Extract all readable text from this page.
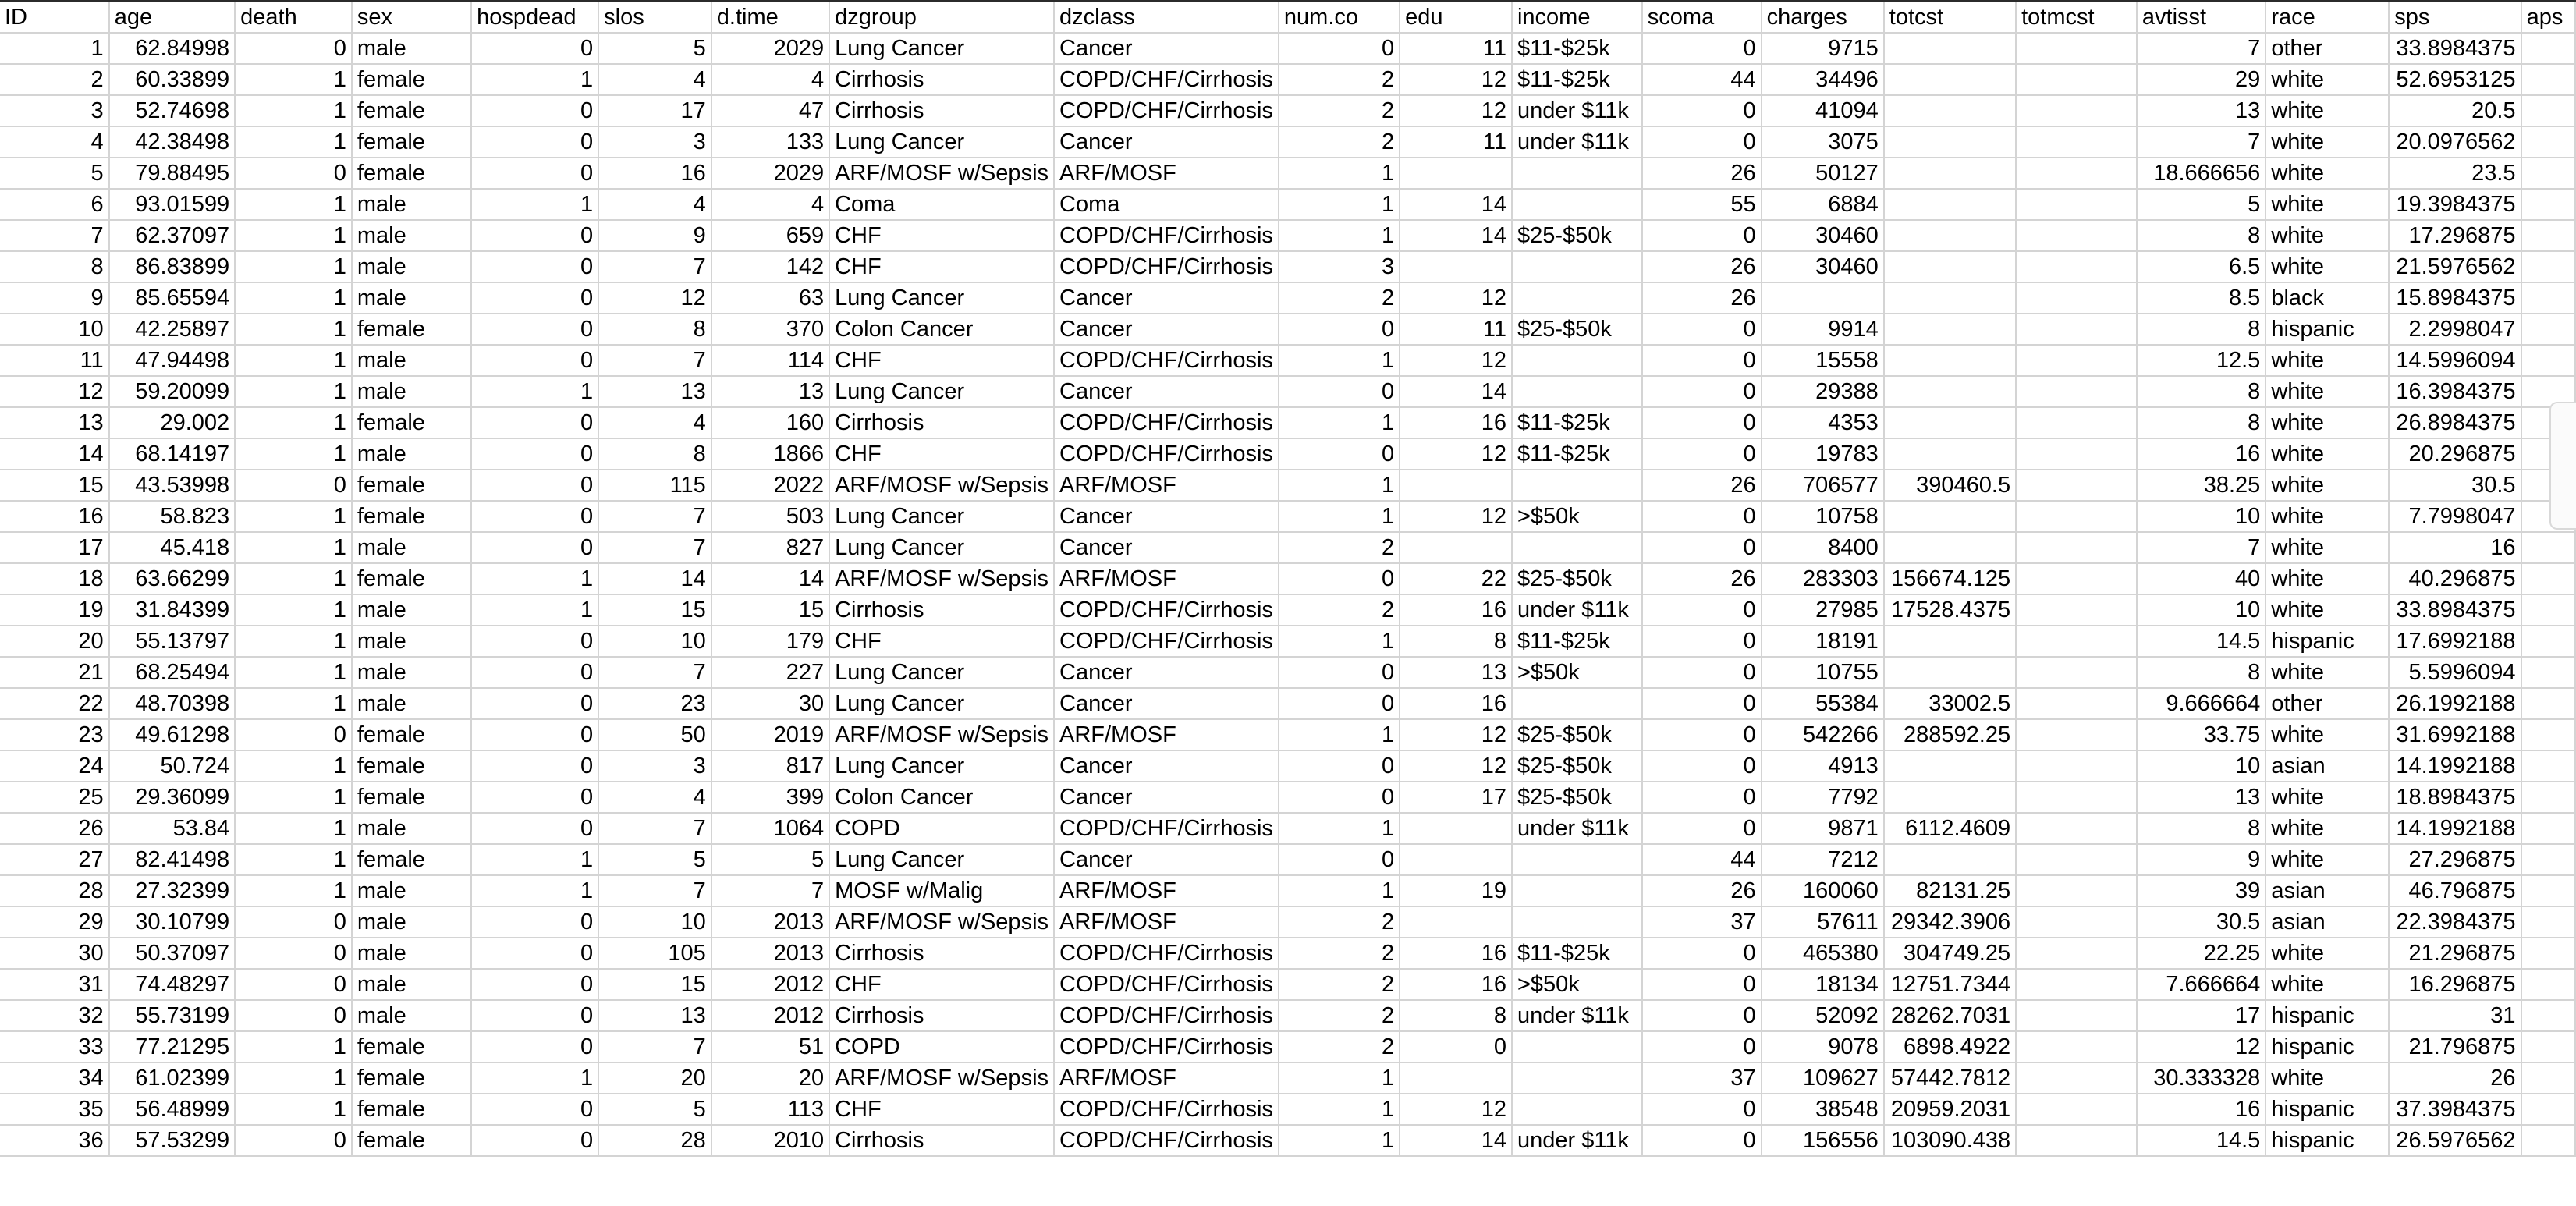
ID	age	death	sex	hospdead	slos	d.time	dzgroup	dzclass	num.co	edu	income	scoma	charges	totcst	totmcst	avtisst	race	sps	aps
1	62.84998	0	male	0	5	2029	Lung Cancer	Cancer	0	11	$11-$25k	0	9715			7	other	33.8984375	
2	60.33899	1	female	1	4	4	Cirrhosis	COPD/CHF/Cirrhosis	2	12	$11-$25k	44	34496			29	white	52.6953125	
3	52.74698	1	female	0	17	47	Cirrhosis	COPD/CHF/Cirrhosis	2	12	under $11k	0	41094			13	white	20.5	
4	42.38498	1	female	0	3	133	Lung Cancer	Cancer	2	11	under $11k	0	3075			7	white	20.0976562	
5	79.88495	0	female	0	16	2029	ARF/MOSF w/Sepsis	ARF/MOSF	1			26	50127			18.666656	white	23.5	
6	93.01599	1	male	1	4	4	Coma	Coma	1	14		55	6884			5	white	19.3984375	
7	62.37097	1	male	0	9	659	CHF	COPD/CHF/Cirrhosis	1	14	$25-$50k	0	30460			8	white	17.296875	
8	86.83899	1	male	0	7	142	CHF	COPD/CHF/Cirrhosis	3			26	30460			6.5	white	21.5976562	
9	85.65594	1	male	0	12	63	Lung Cancer	Cancer	2	12		26				8.5	black	15.8984375	
10	42.25897	1	female	0	8	370	Colon Cancer	Cancer	0	11	$25-$50k	0	9914			8	hispanic	2.2998047	
11	47.94498	1	male	0	7	114	CHF	COPD/CHF/Cirrhosis	1	12		0	15558			12.5	white	14.5996094	
12	59.20099	1	male	1	13	13	Lung Cancer	Cancer	0	14		0	29388			8	white	16.3984375	
13	29.002	1	female	0	4	160	Cirrhosis	COPD/CHF/Cirrhosis	1	16	$11-$25k	0	4353			8	white	26.8984375	
14	68.14197	1	male	0	8	1866	CHF	COPD/CHF/Cirrhosis	0	12	$11-$25k	0	19783			16	white	20.296875	
15	43.53998	0	female	0	115	2022	ARF/MOSF w/Sepsis	ARF/MOSF	1			26	706577	390460.5		38.25	white	30.5	
16	58.823	1	female	0	7	503	Lung Cancer	Cancer	1	12	>$50k	0	10758			10	white	7.7998047	
17	45.418	1	male	0	7	827	Lung Cancer	Cancer	2			0	8400			7	white	16	
18	63.66299	1	female	1	14	14	ARF/MOSF w/Sepsis	ARF/MOSF	0	22	$25-$50k	26	283303	156674.125		40	white	40.296875	
19	31.84399	1	male	1	15	15	Cirrhosis	COPD/CHF/Cirrhosis	2	16	under $11k	0	27985	17528.4375		10	white	33.8984375	
20	55.13797	1	male	0	10	179	CHF	COPD/CHF/Cirrhosis	1	8	$11-$25k	0	18191			14.5	hispanic	17.6992188	
21	68.25494	1	male	0	7	227	Lung Cancer	Cancer	0	13	>$50k	0	10755			8	white	5.5996094	
22	48.70398	1	male	0	23	30	Lung Cancer	Cancer	0	16		0	55384	33002.5		9.666664	other	26.1992188	
23	49.61298	0	female	0	50	2019	ARF/MOSF w/Sepsis	ARF/MOSF	1	12	$25-$50k	0	542266	288592.25		33.75	white	31.6992188	
24	50.724	1	female	0	3	817	Lung Cancer	Cancer	0	12	$25-$50k	0	4913			10	asian	14.1992188	
25	29.36099	1	female	0	4	399	Colon Cancer	Cancer	0	17	$25-$50k	0	7792			13	white	18.8984375	
26	53.84	1	male	0	7	1064	COPD	COPD/CHF/Cirrhosis	1		under $11k	0	9871	6112.4609		8	white	14.1992188	
27	82.41498	1	female	1	5	5	Lung Cancer	Cancer	0			44	7212			9	white	27.296875	
28	27.32399	1	male	1	7	7	MOSF w/Malig	ARF/MOSF	1	19		26	160060	82131.25		39	asian	46.796875	
29	30.10799	0	male	0	10	2013	ARF/MOSF w/Sepsis	ARF/MOSF	2			37	57611	29342.3906		30.5	asian	22.3984375	
30	50.37097	0	male	0	105	2013	Cirrhosis	COPD/CHF/Cirrhosis	2	16	$11-$25k	0	465380	304749.25		22.25	white	21.296875	
31	74.48297	0	male	0	15	2012	CHF	COPD/CHF/Cirrhosis	2	16	>$50k	0	18134	12751.7344		7.666664	white	16.296875	
32	55.73199	0	male	0	13	2012	Cirrhosis	COPD/CHF/Cirrhosis	2	8	under $11k	0	52092	28262.7031		17	hispanic	31	
33	77.21295	1	female	0	7	51	COPD	COPD/CHF/Cirrhosis	2	0		0	9078	6898.4922		12	hispanic	21.796875	
34	61.02399	1	female	1	20	20	ARF/MOSF w/Sepsis	ARF/MOSF	1			37	109627	57442.7812		30.333328	white	26	
35	56.48999	1	female	0	5	113	CHF	COPD/CHF/Cirrhosis	1	12		0	38548	20959.2031		16	hispanic	37.3984375	
36	57.53299	0	female	0	28	2010	Cirrhosis	COPD/CHF/Cirrhosis	1	14	under $11k	0	156556	103090.438		14.5	hispanic	26.5976562	
